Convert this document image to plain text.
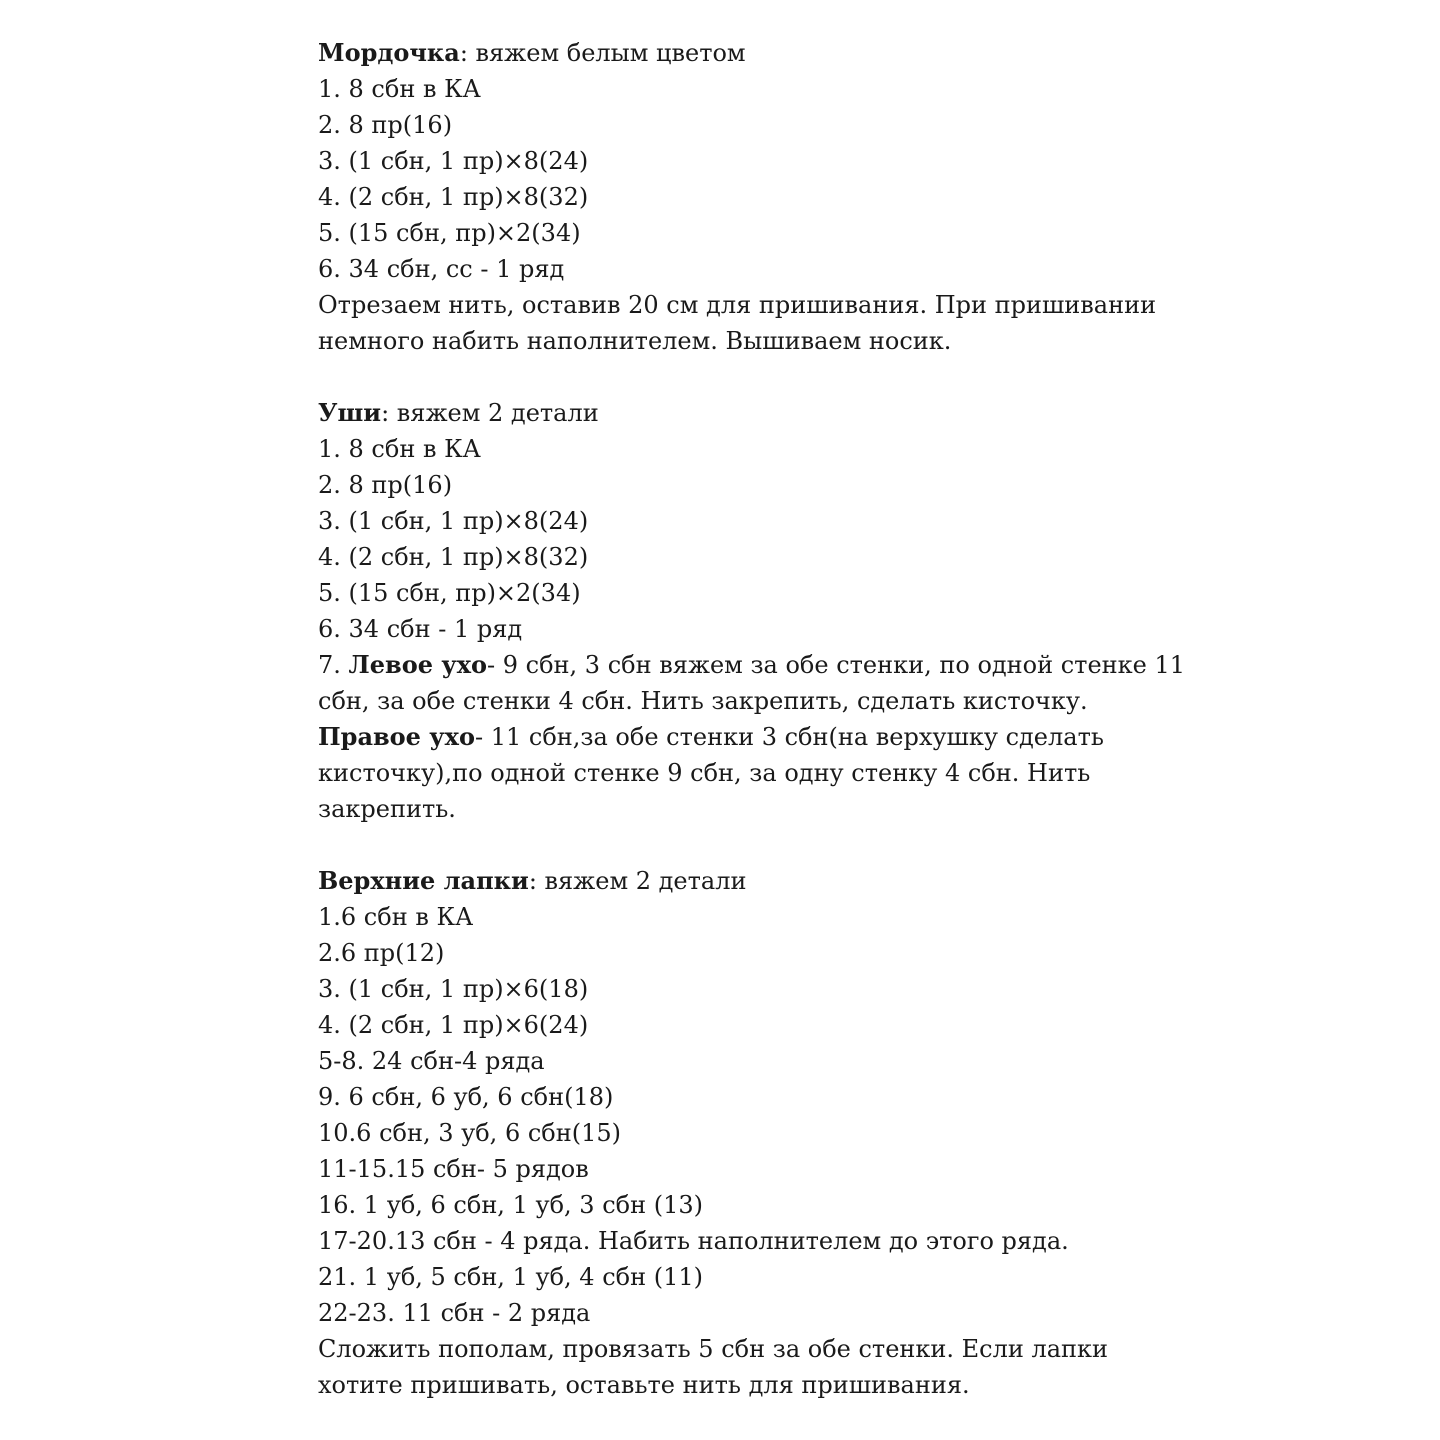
Мордочка: вяжем белым цветом
1. 8 сбн в КА
2. 8 пр(16)
3. (1 сбн, 1 пр)×8(24)
4. (2 сбн, 1 пр)×8(32)
5. (15 сбн, пр)×2(34)
6. 34 сбн, сс - 1 ряд
Отрезаем нить, оставив 20 см для пришивания. При пришивании
немного набить наполнителем. Вышиваем носик.
Уши: вяжем 2 детали
1. 8 сбн в КА
2. 8 пр(16)
3. (1 сбн, 1 пр)×8(24)
4. (2 сбн, 1 пр)×8(32)
5. (15 сбн, пр)×2(34)
6. 34 сбн - 1 ряд
7. Левое ухо- 9 сбн, 3 сбн вяжем за обе стенки, по одной стенке 11
сбн, за обе стенки 4 сбн. Нить закрепить, сделать кисточку.
Правое ухо- 11 сбн,за обе стенки 3 сбн(на верхушку сделать
кисточку),по одной стенке 9 сбн, за одну стенку 4 сбн. Нить
закрепить.
Верхние лапки: вяжем 2 детали
1.6 сбн в КА
2.6 пр(12)
3. (1 сбн, 1 пр)×6(18)
4. (2 сбн, 1 пр)×6(24)
5-8. 24 сбн-4 ряда
9. 6 сбн, 6 уб, 6 сбн(18)
10.6 сбн, 3 уб, 6 сбн(15)
11-15.15 сбн- 5 рядов
16. 1 уб, 6 сбн, 1 уб, 3 сбн (13)
17-20.13 сбн - 4 ряда. Набить наполнителем до этого ряда.
21. 1 уб, 5 сбн, 1 уб, 4 сбн (11)
22-23. 11 сбн - 2 ряда
Сложить пополам, провязать 5 сбн за обе стенки. Если лапки
хотите пришивать, оставьте нить для пришивания.
